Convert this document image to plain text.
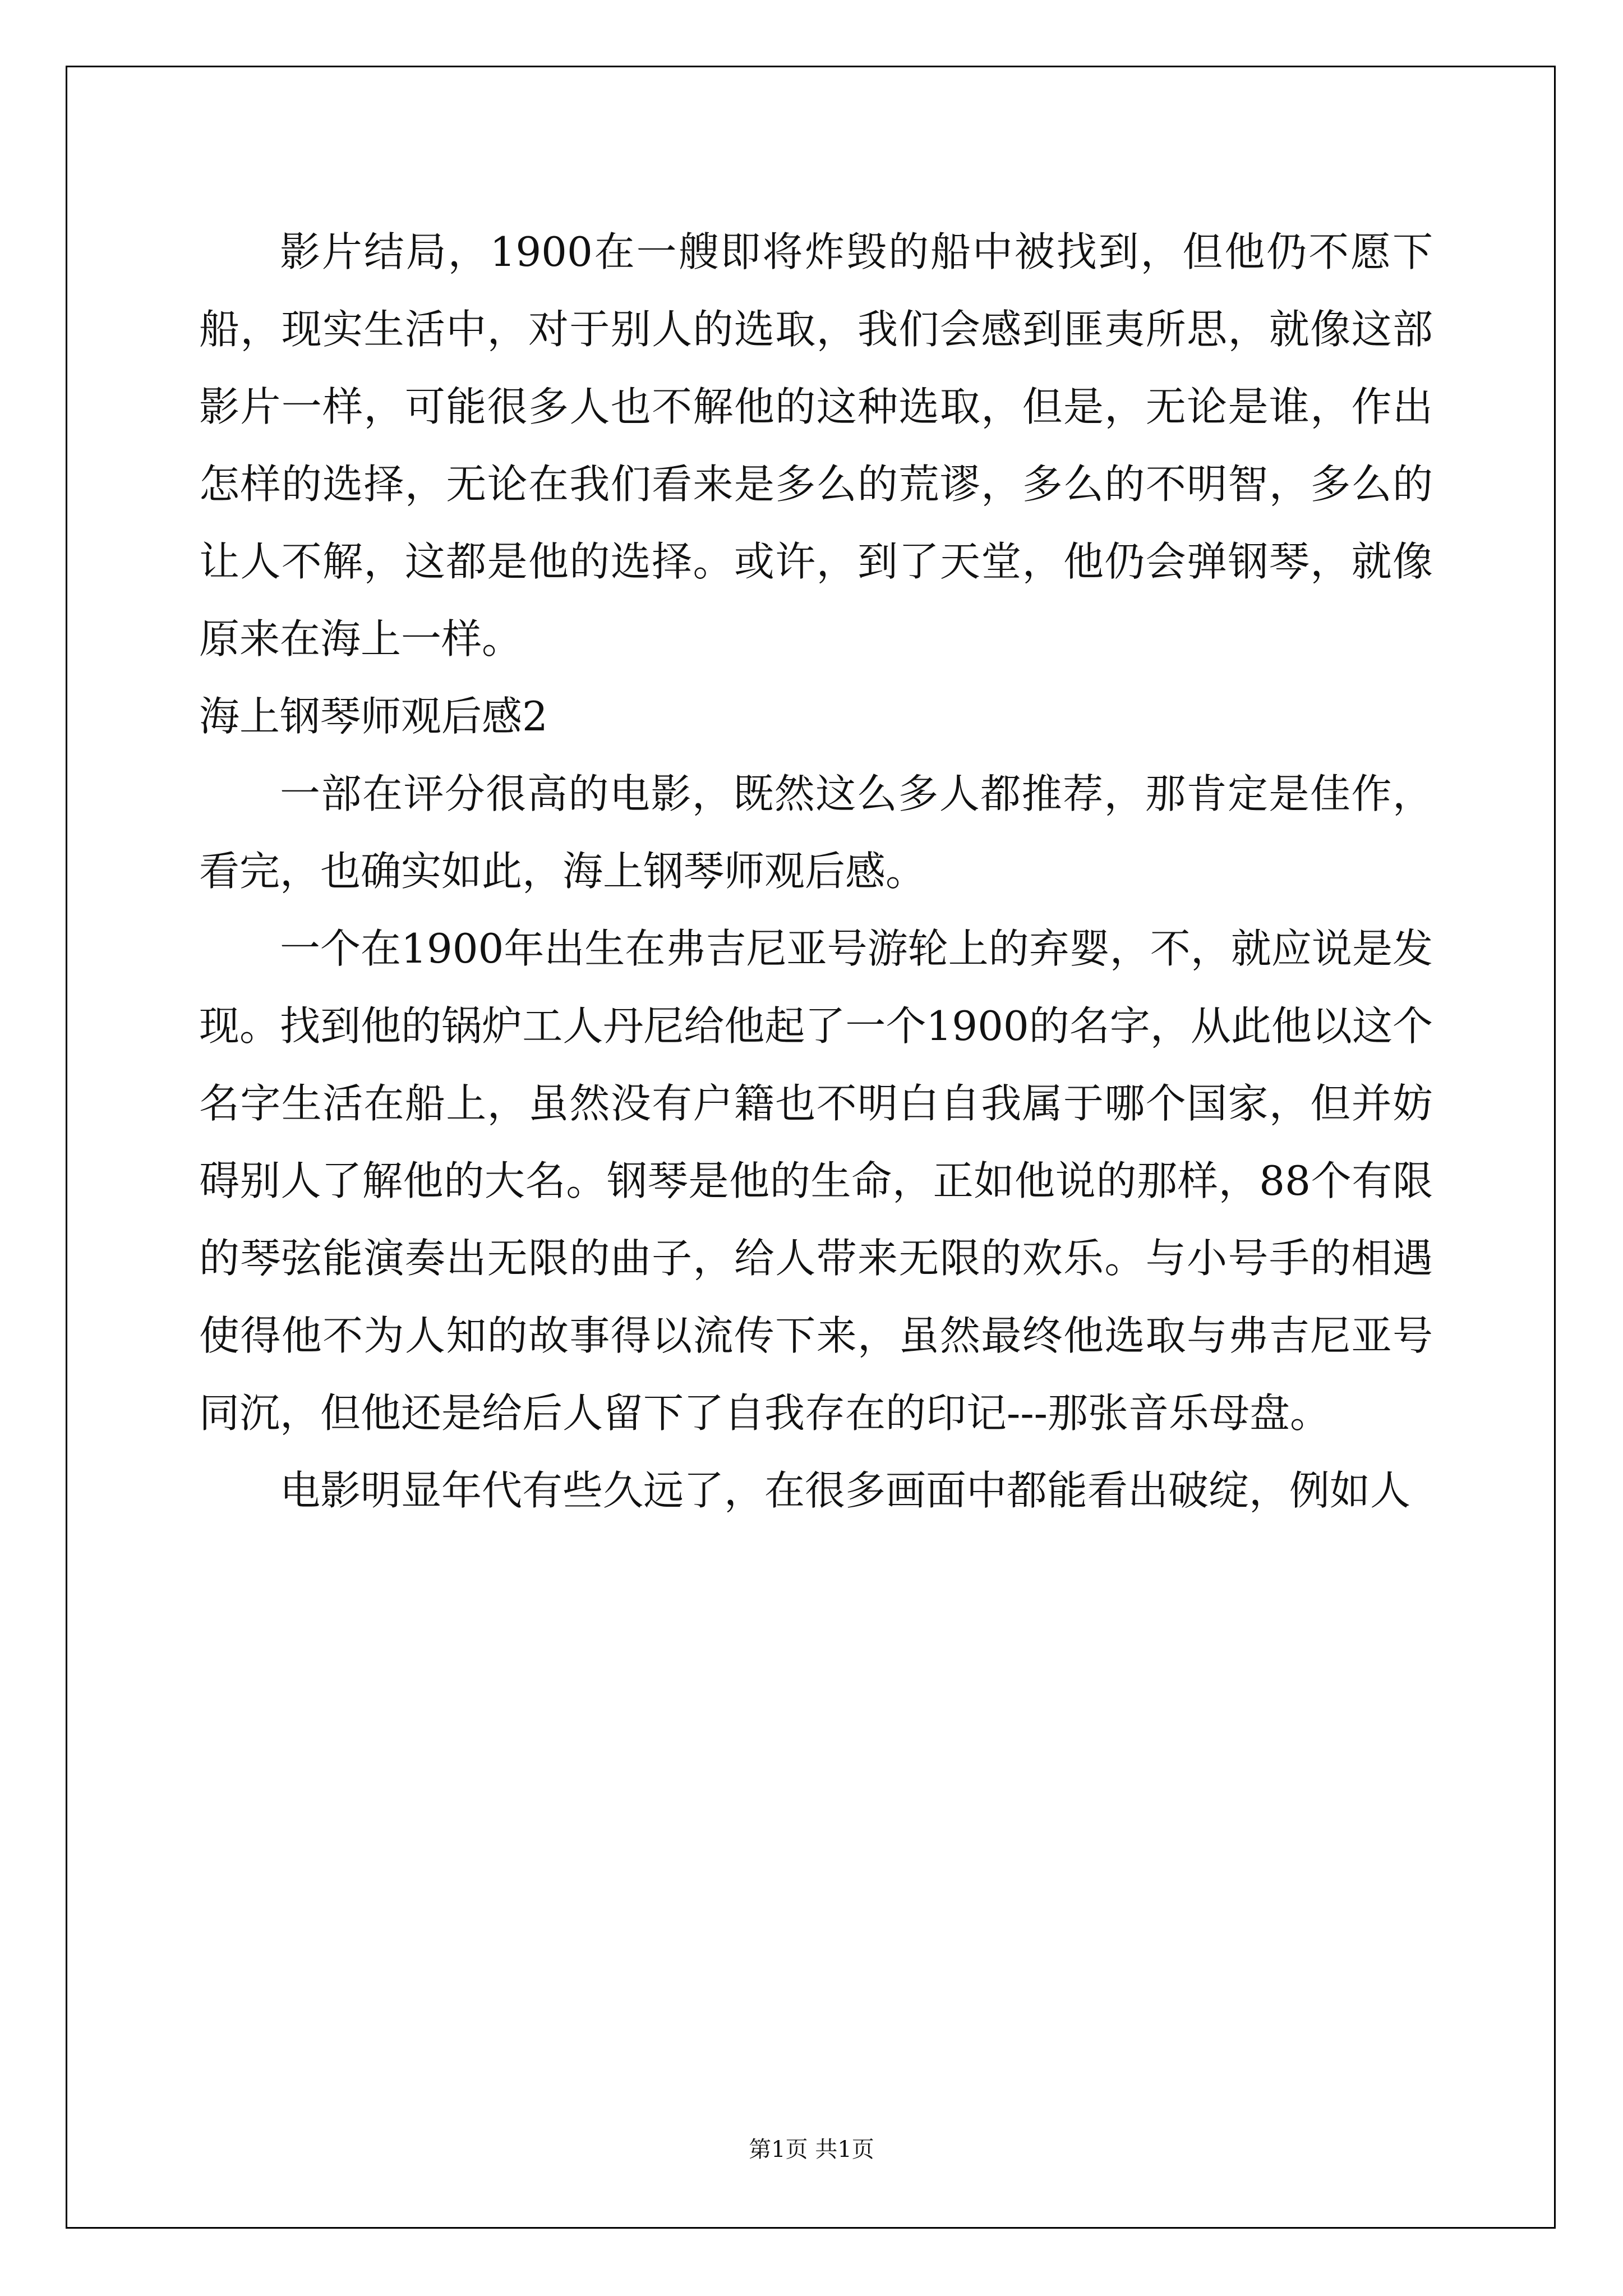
影片结局，1900在一艘即将炸毁的船中被找到，但他仍不愿下船，现实生活中，对于别人的选取，我们会感到匪夷所思，就像这部影片一样，可能很多人也不解他的这种选取，但是，无论是谁，作出怎样的选择，无论在我们看来是多么的荒谬，多么的不明智，多么的让人不解，这都是他的选择。或许，到了天堂，他仍会弹钢琴，就像原来在海上一样。

海上钢琴师观后感2

一部在评分很高的电影，既然这么多人都推荐，那肯定是佳作，看完，也确实如此，海上钢琴师观后感。

一个在1900年出生在弗吉尼亚号游轮上的弃婴，不，就应说是发现。找到他的锅炉工人丹尼给他起了一个1900的名字，从此他以这个名字生活在船上，虽然没有户籍也不明白自我属于哪个国家，但并妨碍别人了解他的大名。钢琴是他的生命，正如他说的那样，88个有限的琴弦能演奏出无限的曲子，给人带来无限的欢乐。与小号手的相遇使得他不为人知的故事得以流传下来，虽然最终他选取与弗吉尼亚号同沉，但他还是给后人留下了自我存在的印记---那张音乐母盘。

电影明显年代有些久远了，在很多画面中都能看出破绽，例如人

第1页 共1页
